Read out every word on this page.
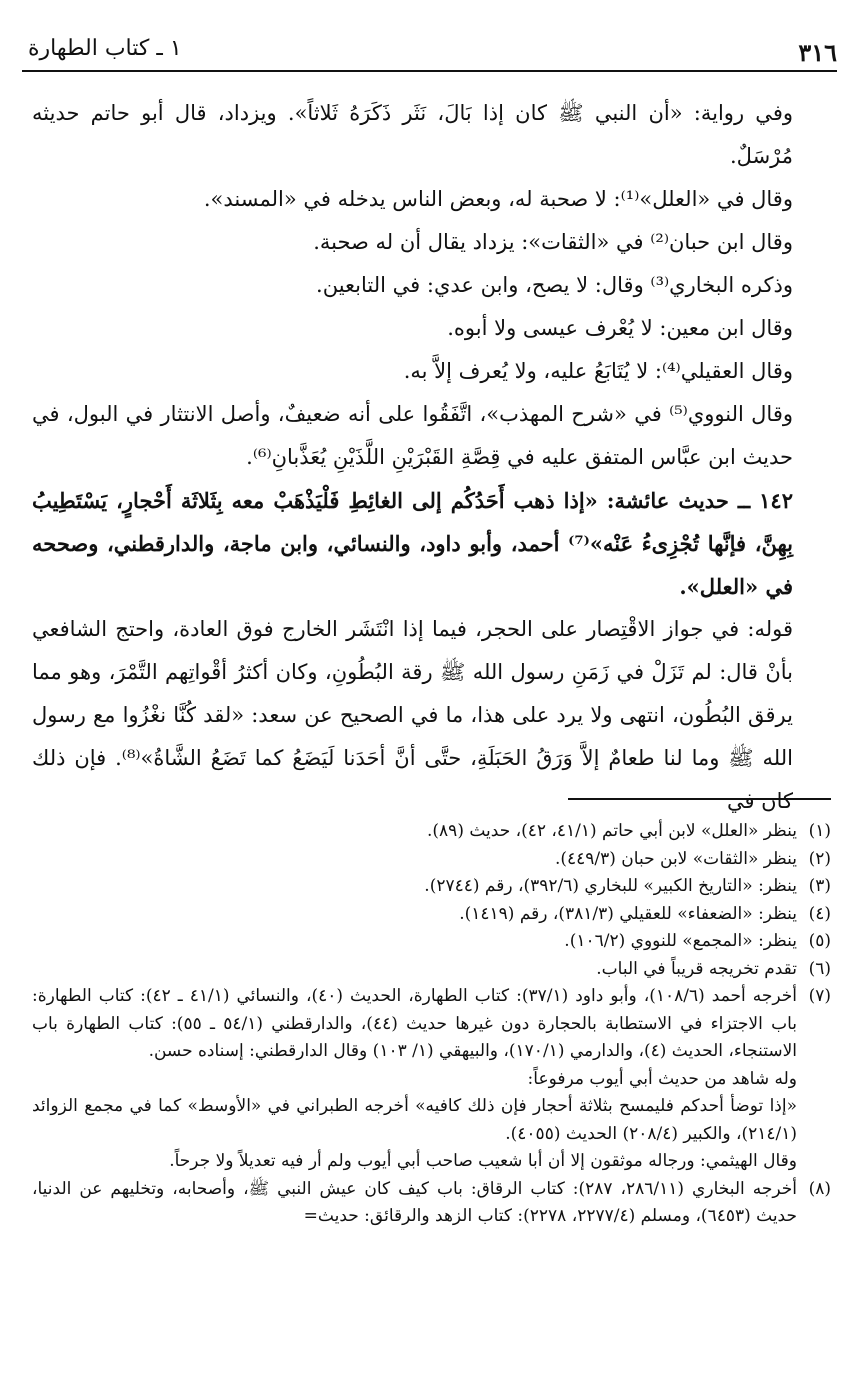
٣١٦
١ ـ كتاب الطهارة

وفي رواية: «أن النبي ﷺ كان إذا بَالَ، نَثَر ذَكَرَهُ ثَلاثاً». ويزداد، قال أبو حاتم حديثه مُرْسَلٌ.

وقال في «العلل»⁽¹⁾: لا صحبة له، وبعض الناس يدخله في «المسند».

وقال ابن حبان⁽²⁾ في «الثقات»: يزداد يقال أن له صحبة.

وذكره البخاري⁽³⁾ وقال: لا يصح، وابن عدي: في التابعين.

وقال ابن معين: لا يُعْرف عيسى ولا أبوه.

وقال العقيلي⁽⁴⁾: لا يُتَابَعُ عليه، ولا يُعرف إلاَّ به.

وقال النووي⁽⁵⁾ في «شرح المهذب»، اتَّفَقُوا على أنه ضعيفٌ، وأصل الانتثار في البول، في حديث ابن عبَّاس المتفق عليه في قِصَّةِ القَبْرَيْنِ اللَّذَيْنِ يُعَذَّبانِ⁽⁶⁾.

١٤٢ ــ حديث عائشة: «إذا ذهب أَحَدُكُم إلى الغائِطِ فَلْيَذْهَبْ معه بِثَلاثَة أَحْجارٍ، يَسْتَطِيبُ بِهِنَّ، فإنَّها تُجْزِىءُ عَنْه»⁽⁷⁾ أحمد، وأبو داود، والنسائي، وابن ماجة، والدارقطني، وصححه في «العلل».

قوله: في جواز الاقْتِصار على الحجر، فيما إذا انْتَشَر الخارج فوق العادة، واحتج الشافعي بأنْ قال: لم تَزَلْ في زَمَنِ رسول الله ﷺ رقة البُطُونِ، وكان أكثرُ أقْواتِهم التَّمْرَ، وهو مما يرقق البُطُون، انتهى ولا يرد على هذا، ما في الصحيح عن سعد: «لقد كُنَّا نغْزُوا مع رسول الله ﷺ وما لنا طعامٌ إلاَّ وَرَقُ الحَبَلَةِ، حتَّى أنَّ أحَدَنا لَيَضَعُ كما تَضَعُ الشَّاةُ»⁽⁸⁾. فإن ذلك كان في

(١)
ينظر «العلل» لابن أبي حاتم (٤١/١، ٤٢)، حديث (٨٩).

(٢)
ينظر «الثقات» لابن حبان (٤٤٩/٣).

(٣)
ينظر: «التاريخ الكبير» للبخاري (٣٩٢/٦)، رقم (٢٧٤٤).

(٤)
ينظر: «الضعفاء» للعقيلي (٣٨١/٣)، رقم (١٤١٩).

(٥)
ينظر: «المجمع» للنووي (١٠٦/٢).

(٦)
تقدم تخريجه قريباً في الباب.

(٧)
أخرجه أحمد (١٠٨/٦)، وأبو داود (٣٧/١): كتاب الطهارة، الحديث (٤٠)، والنسائي (٤١/١ ـ ٤٢): كتاب الطهارة: باب الاجتزاء في الاستطابة بالحجارة دون غيرها حديث (٤٤)، والدارقطني (٥٤/١ ـ ٥٥): كتاب الطهارة باب الاستنجاء، الحديث (٤)، والدارمي (١٧٠/١)، والبيهقي (١/ ١٠٣) وقال الدارقطني: إسناده حسن.

وله شاهد من حديث أبي أيوب مرفوعاً:

«إذا توضأ أحدكم فليمسح بثلاثة أحجار فإن ذلك كافيه» أخرجه الطبراني في «الأوسط» كما في مجمع الزوائد (٢١٤/١)، والكبير (٢٠٨/٤) الحديث (٤٠٥٥).

وقال الهيثمي: ورجاله موثقون إلا أن أبا شعيب صاحب أبي أيوب ولم أر فيه تعديلاً ولا جرحاً.

(٨)
أخرجه البخاري (٢٨٦/١١، ٢٨٧): كتاب الرقاق: باب كيف كان عيش النبي ﷺ، وأصحابه، وتخليهم عن الدنيا، حديث (٦٤٥٣)، ومسلم (٢٢٧٧/٤، ٢٢٧٨): كتاب الزهد والرقائق: حديث=
